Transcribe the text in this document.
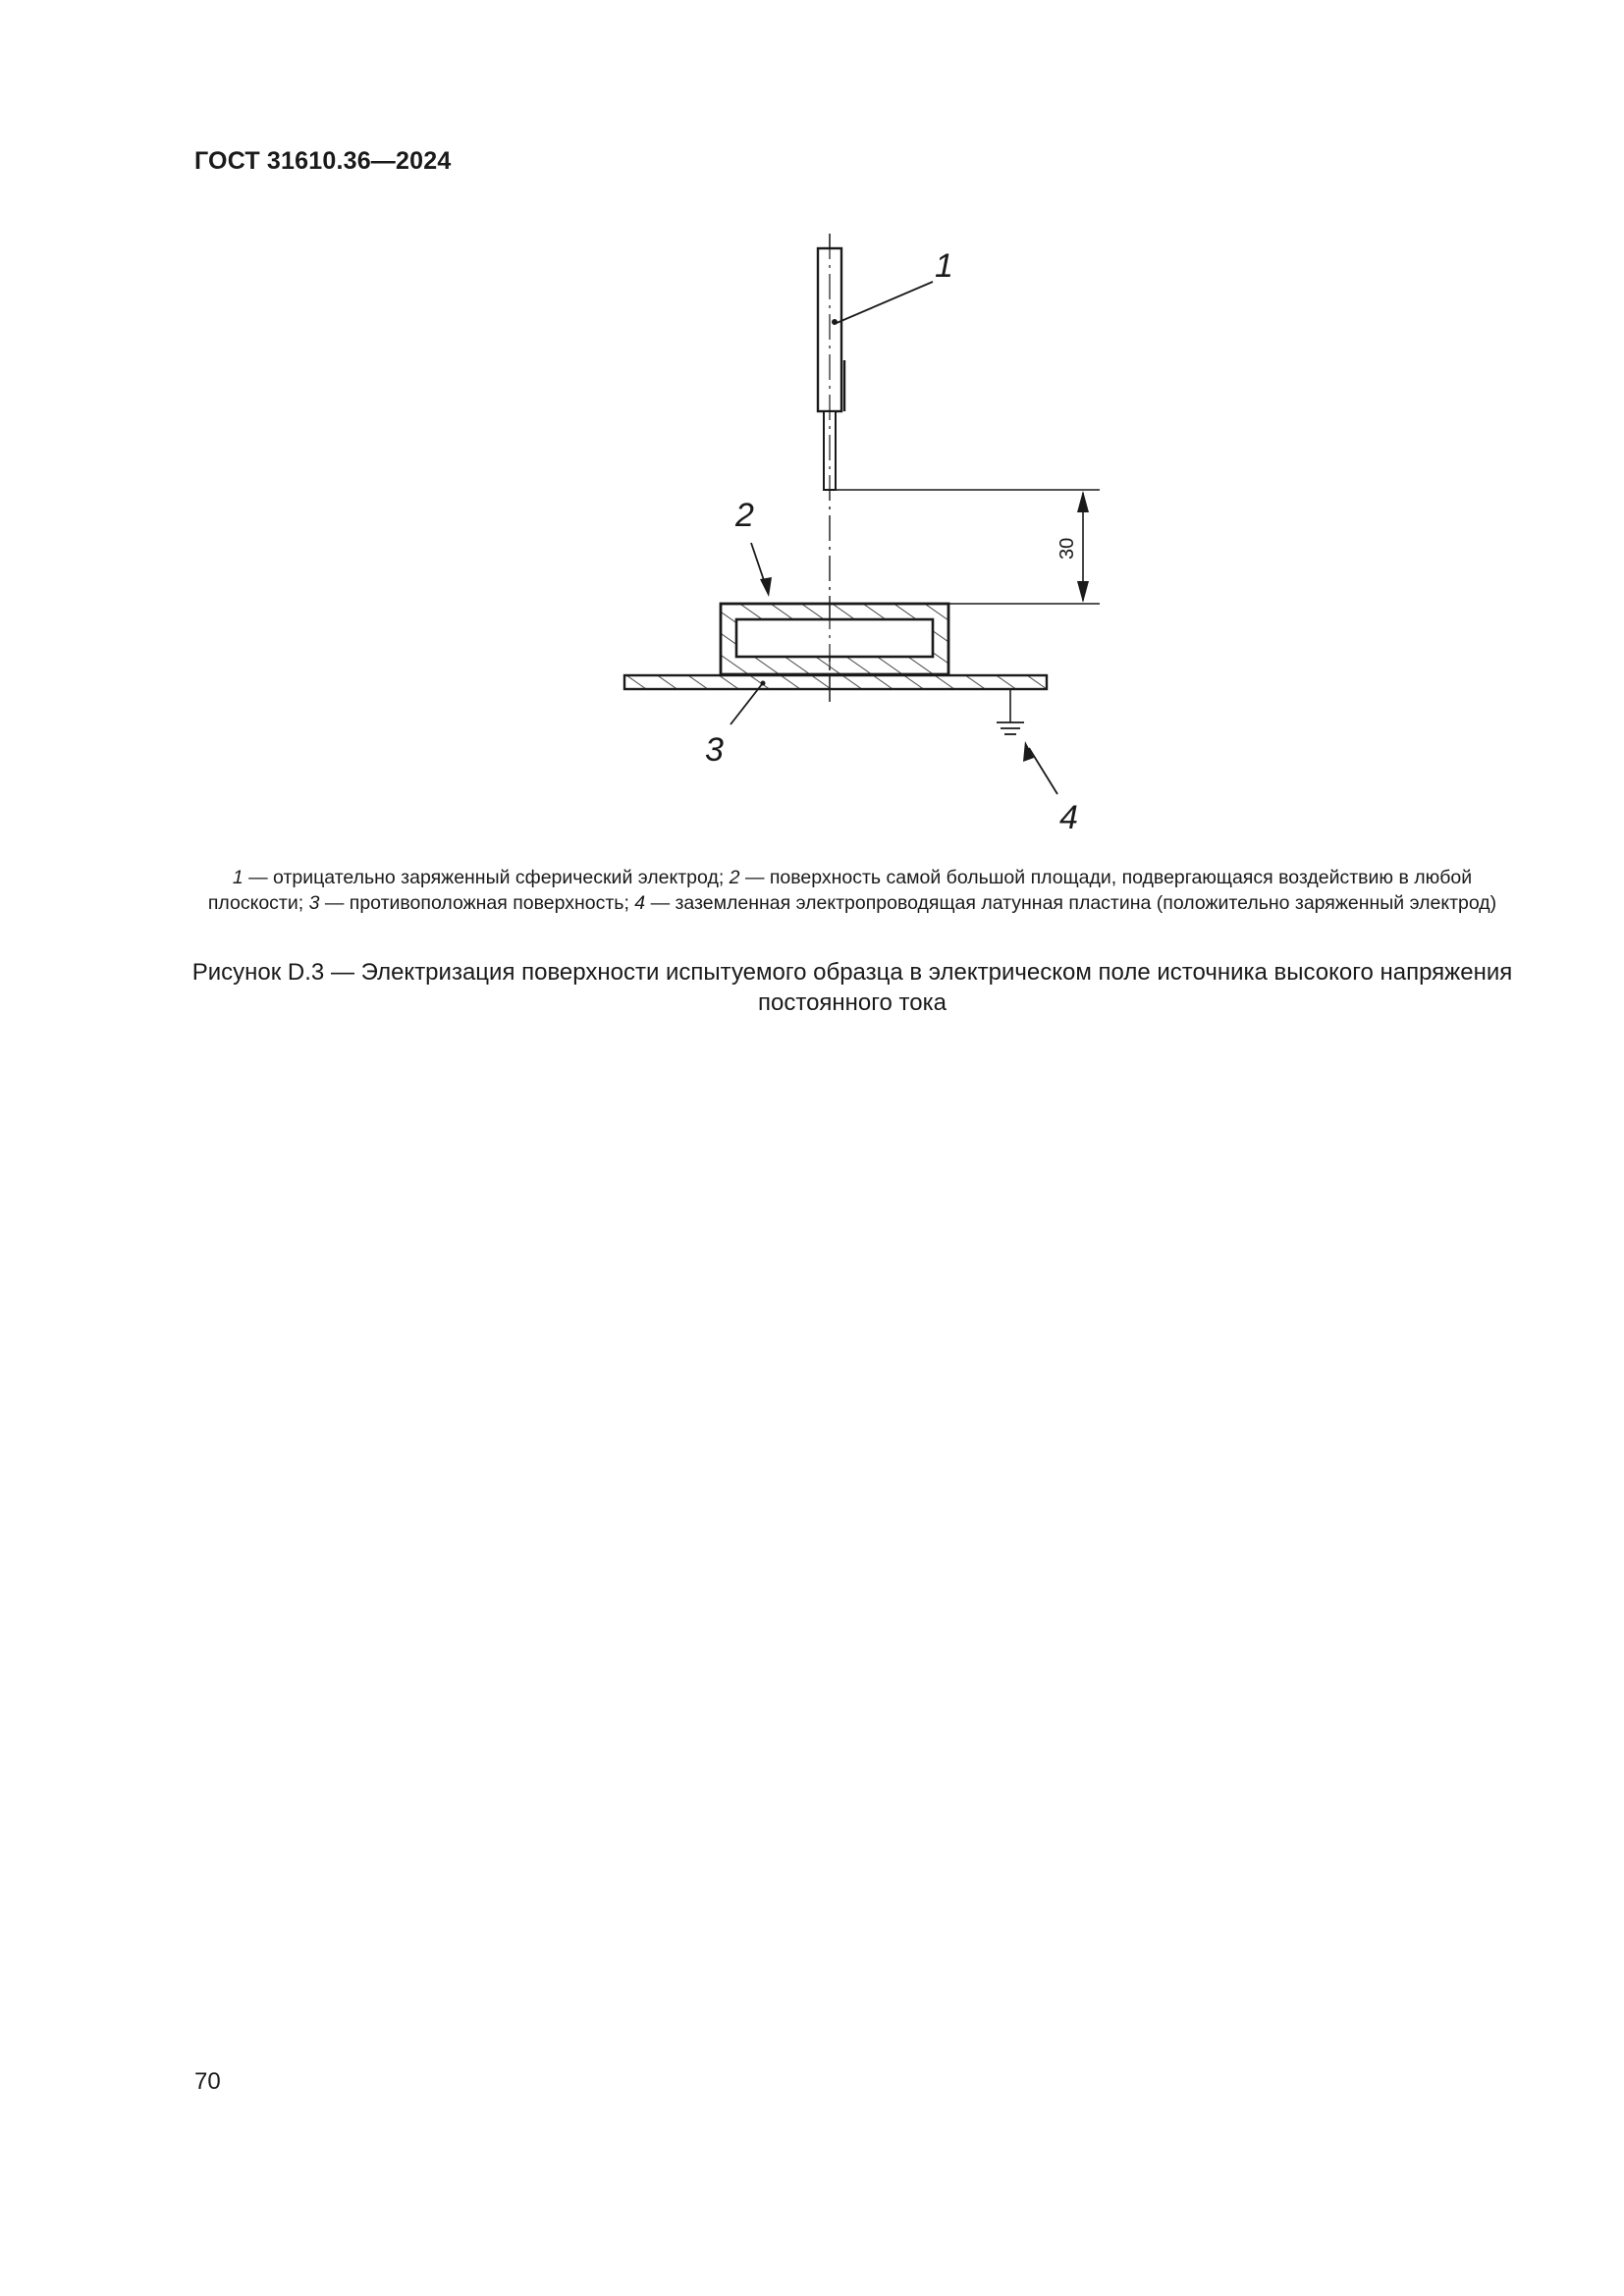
ГОСТ 31610.36—2024
1
2
3
4
30
1 — отрицательно заряженный сферический электрод; 2 — поверхность самой большой площади, подвергающаяся воздействию в любой плоскости; 3 — противоположная поверхность; 4 — заземленная электропроводящая латунная пластина (положительно заряженный электрод)
Рисунок D.3 — Электризация поверхности испытуемого образца в электрическом поле источника высокого напряжения постоянного тока
70
